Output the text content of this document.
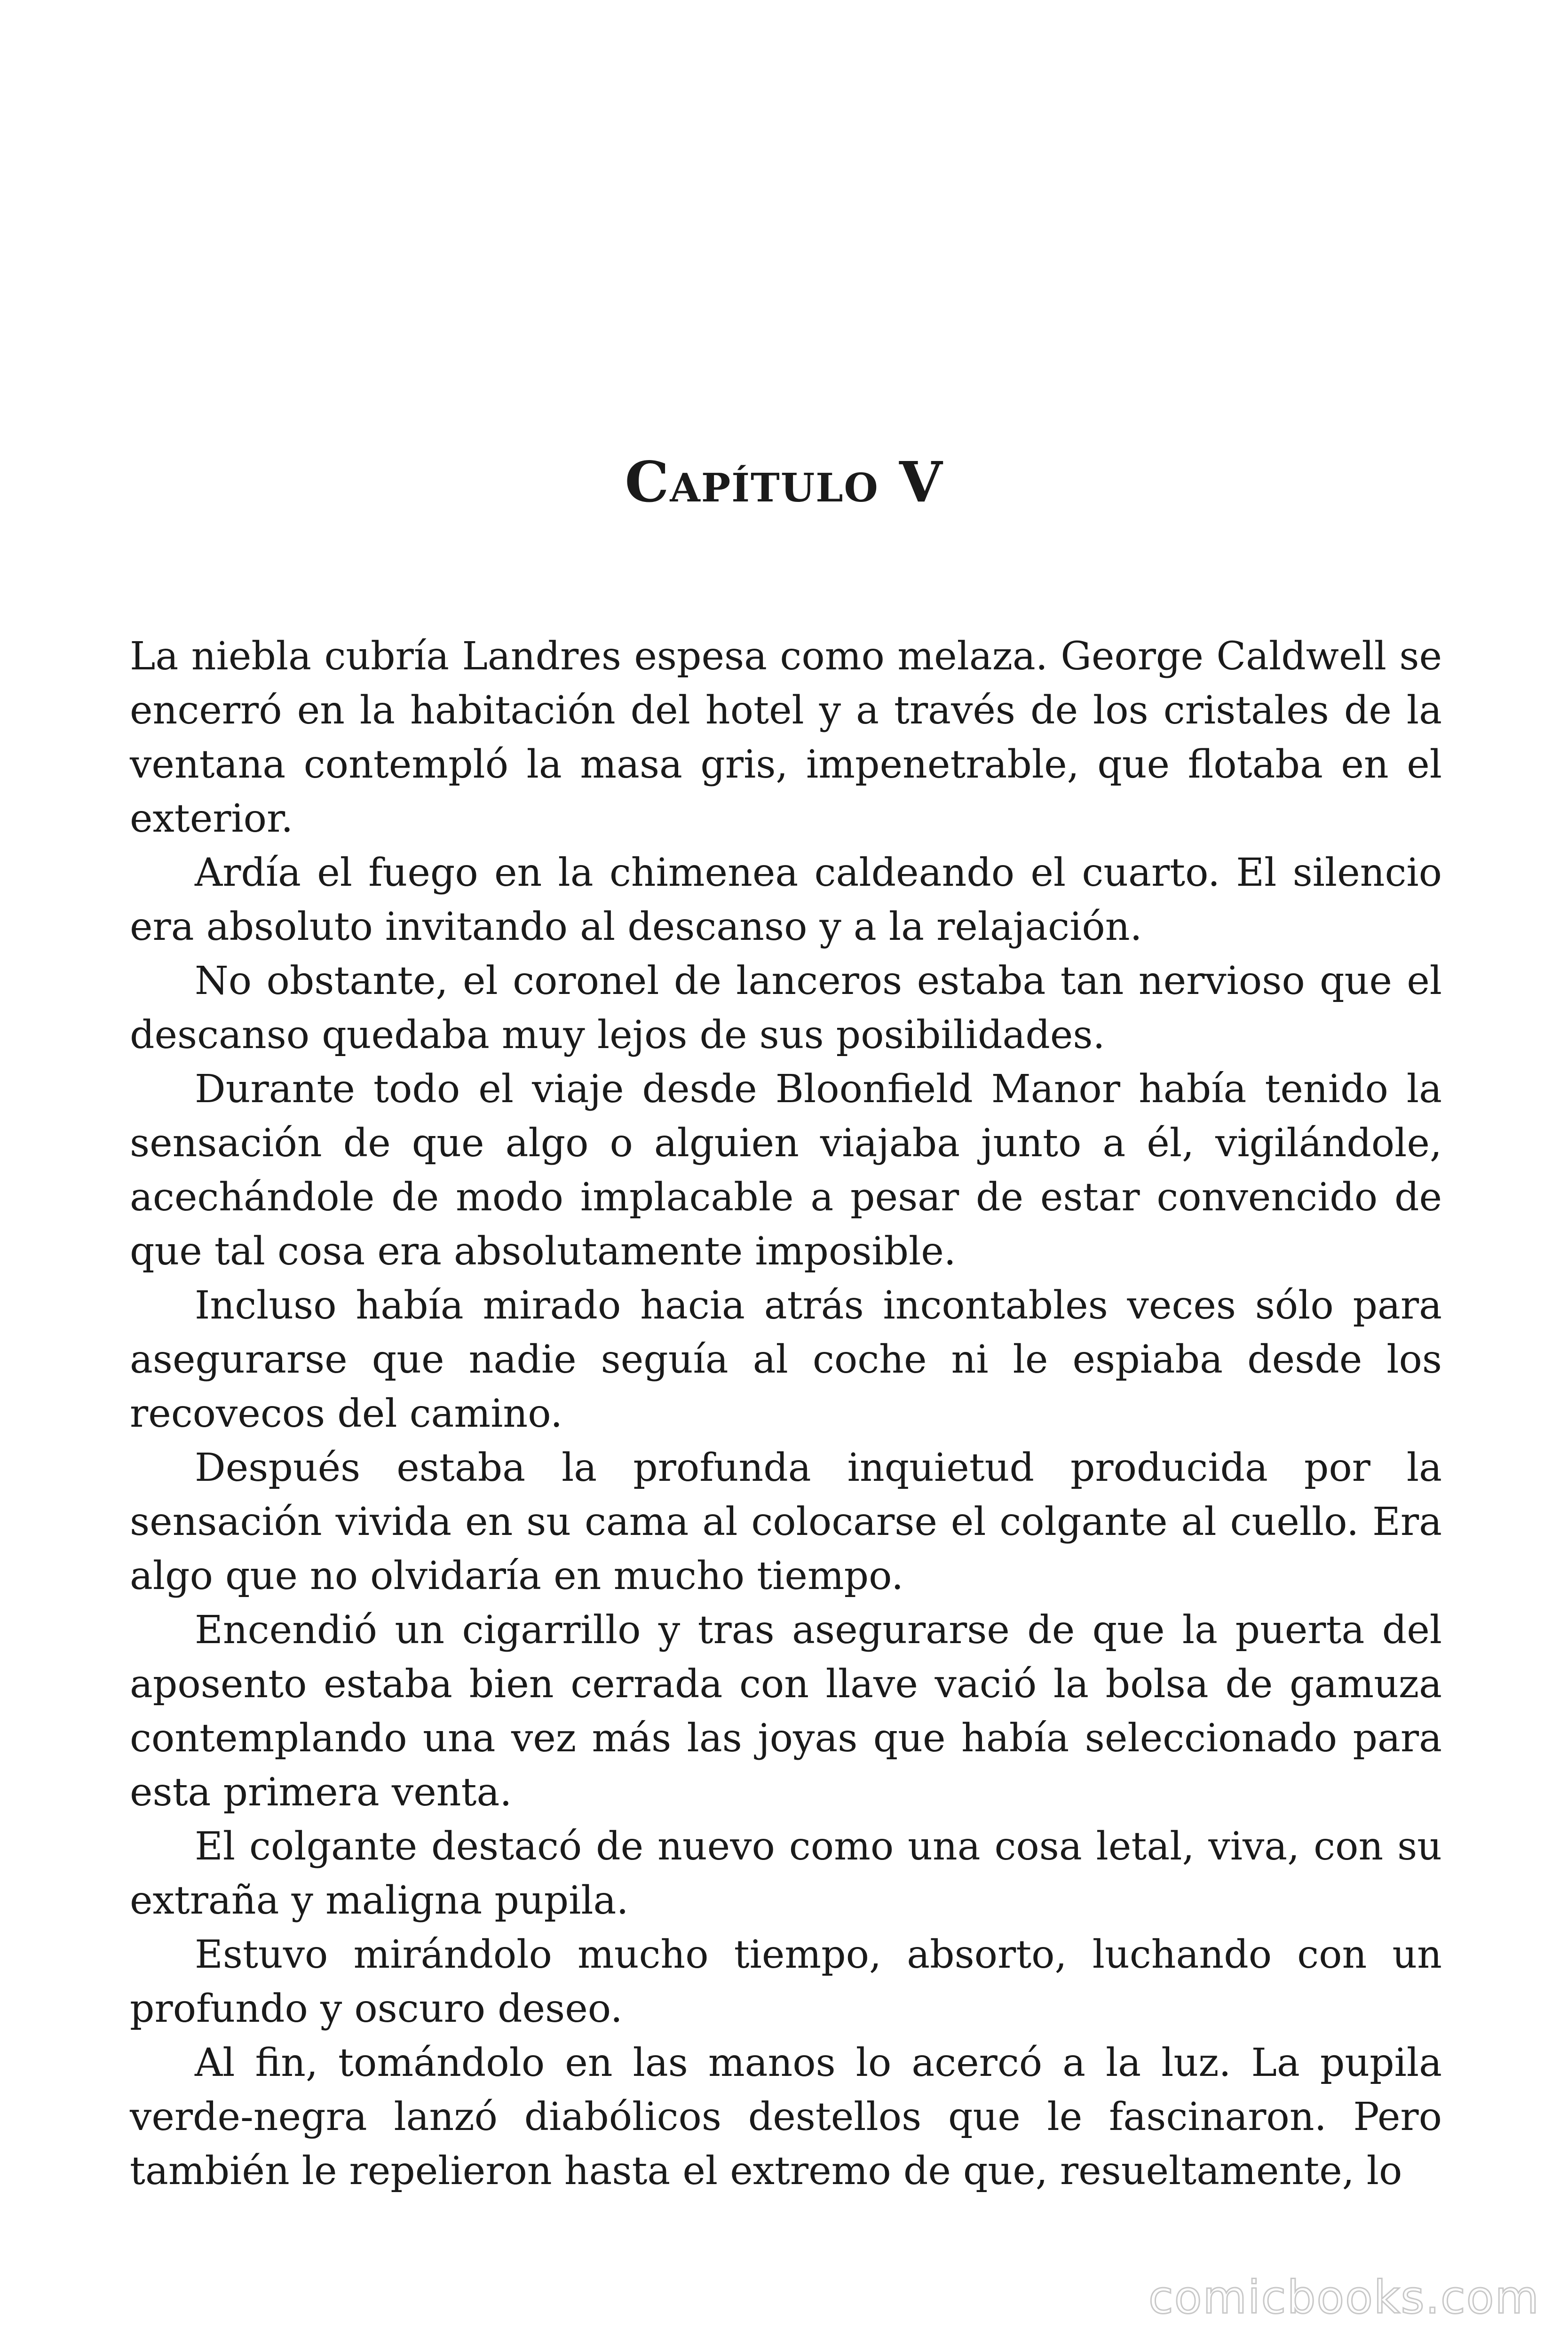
Capítulo V

La niebla cubría Landres espesa como melaza. George Caldwell se encerró en la habitación del hotel y a través de los cristales de la ventana contempló la masa gris, impenetrable, que flotaba en el exterior.

Ardía el fuego en la chimenea caldeando el cuarto. El silencio era absoluto invitando al descanso y a la relajación.

No obstante, el coronel de lanceros estaba tan nervioso que el descanso quedaba muy lejos de sus posibilidades.

Durante todo el viaje desde Bloonfield Manor había tenido la sensación de que algo o alguien viajaba junto a él, vigilándole, acechándole de modo implacable a pesar de estar convencido de que tal cosa era absolutamente imposible.

Incluso había mirado hacia atrás incontables veces sólo para asegurarse que nadie seguía al coche ni le espiaba desde los recovecos del camino.

Después estaba la profunda inquietud producida por la sensación vivida en su cama al colocarse el colgante al cuello. Era algo que no olvidaría en mucho tiempo.

Encendió un cigarrillo y tras asegurarse de que la puerta del aposento estaba bien cerrada con llave vació la bolsa de gamuza contemplando una vez más las joyas que había seleccionado para esta primera venta.

El colgante destacó de nuevo como una cosa letal, viva, con su extraña y maligna pupila.

Estuvo mirándolo mucho tiempo, absorto, luchando con un profundo y oscuro deseo.

Al fin, tomándolo en las manos lo acercó a la luz. La pupila verde-negra lanzó diabólicos destellos que le fascinaron. Pero también le repelieron hasta el extremo de que, resueltamente, lo

comicbooks.com
